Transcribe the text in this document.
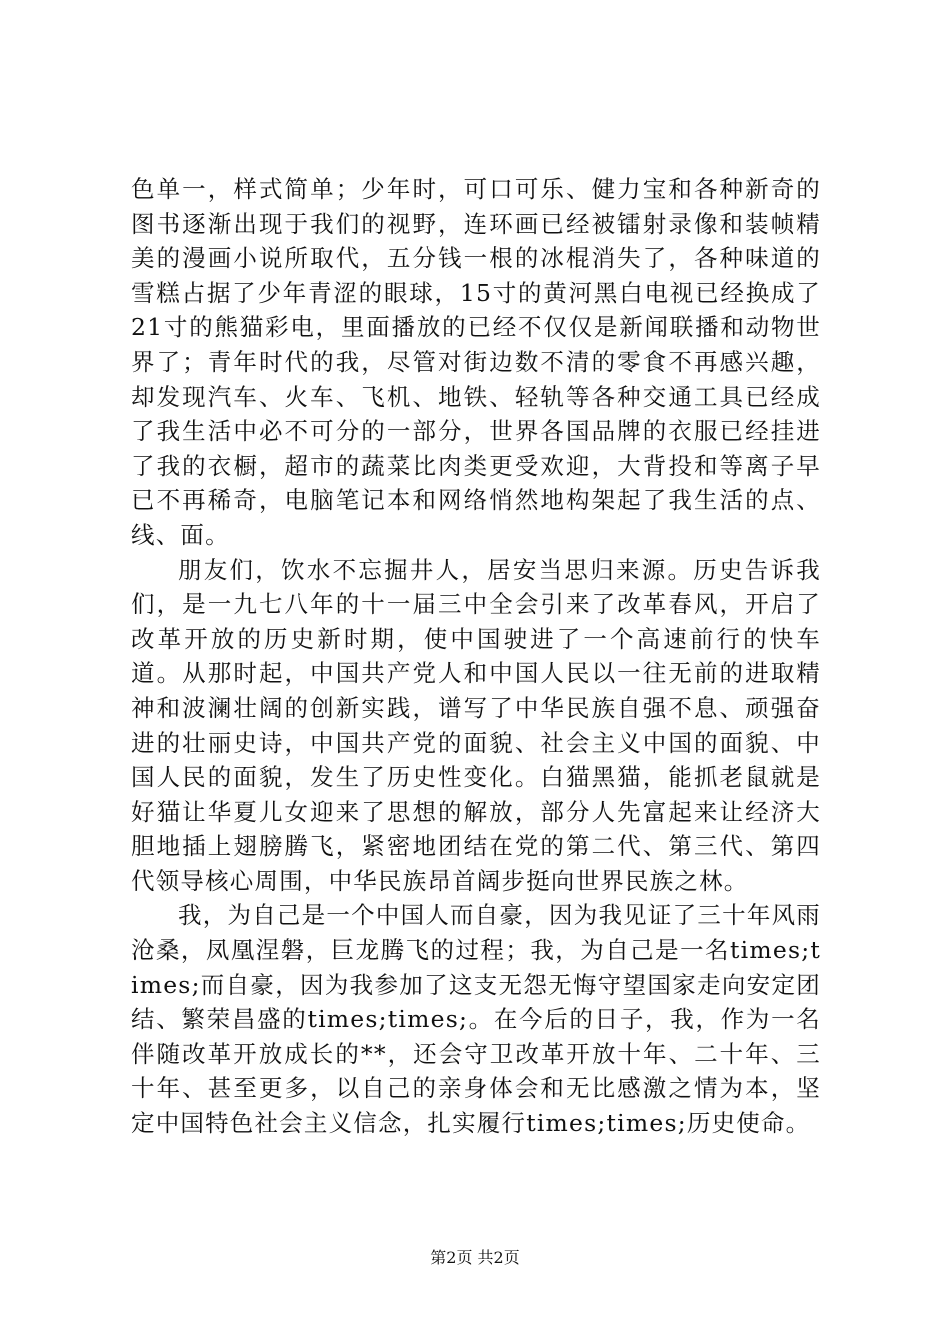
色单一，样式简单；少年时，可口可乐、健力宝和各种新奇的图书逐渐出现于我们的视野，连环画已经被镭射录像和装帧精美的漫画小说所取代，五分钱一根的冰棍消失了，各种味道的雪糕占据了少年青涩的眼球，15寸的黄河黑白电视已经换成了21寸的熊猫彩电，里面播放的已经不仅仅是新闻联播和动物世界了；青年时代的我，尽管对街边数不清的零食不再感兴趣，却发现汽车、火车、飞机、地铁、轻轨等各种交通工具已经成了我生活中必不可分的一部分，世界各国品牌的衣服已经挂进了我的衣橱，超市的蔬菜比肉类更受欢迎，大背投和等离子早已不再稀奇，电脑笔记本和网络悄然地构架起了我生活的点、线、面。

朋友们，饮水不忘掘井人，居安当思归来源。历史告诉我们，是一九七八年的十一届三中全会引来了改革春风，开启了改革开放的历史新时期，使中国驶进了一个高速前行的快车道。从那时起，中国共产党人和中国人民以一往无前的进取精神和波澜壮阔的创新实践，谱写了中华民族自强不息、顽强奋进的壮丽史诗，中国共产党的面貌、社会主义中国的面貌、中国人民的面貌，发生了历史性变化。白猫黑猫，能抓老鼠就是好猫让华夏儿女迎来了思想的解放，部分人先富起来让经济大胆地插上翅膀腾飞，紧密地团结在党的第二代、第三代、第四代领导核心周围，中华民族昂首阔步挺向世界民族之林。

我，为自己是一个中国人而自豪，因为我见证了三十年风雨沧桑，凤凰涅磐，巨龙腾飞的过程；我，为自己是一名times;times;而自豪，因为我参加了这支无怨无悔守望国家走向安定团结、繁荣昌盛的times;times;。在今后的日子，我，作为一名伴随改革开放成长的**，还会守卫改革开放十年、二十年、三十年、甚至更多，以自己的亲身体会和无比感激之情为本，坚定中国特色社会主义信念，扎实履行times;times;历史使命。

第2页 共2页
